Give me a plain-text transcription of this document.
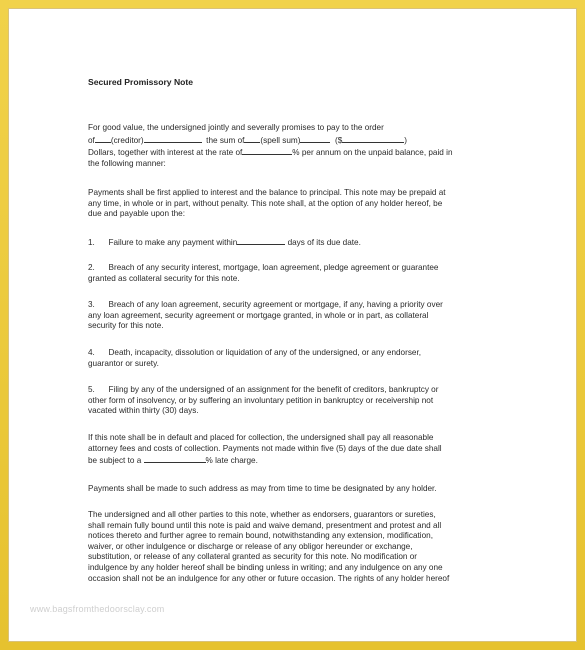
Secured Promissory Note

For good value, the undersigned jointly and severally promises to pay to the order
of (creditor)	the sum of (spell sum)	($	)
Dollars, together with interest at the rate of	% per annum on the unpaid balance, paid in
the following manner:

Payments shall be first applied to interest and the balance to principal. This note may be prepaid at
any time, in whole or in part, without penalty. This note shall, at the option of any holder hereof, be
due and payable upon the:

1. Failure to make any payment within	days of its due date.

2. Breach of any security interest, mortgage, loan agreement, pledge agreement or guarantee
granted as collateral security for this note.

3. Breach of any loan agreement, security agreement or mortgage, if any, having a priority over
any loan agreement, security agreement or mortgage granted, in whole or in part, as collateral
security for this note.

4. Death, incapacity, dissolution or liquidation of any of the undersigned, or any endorser,
guarantor or surety.

5. Filing by any of the undersigned of an assignment for the benefit of creditors, bankruptcy or
other form of insolvency, or by suffering an involuntary petition in bankruptcy or receivership not
vacated within thirty (30) days.

If this note shall be in default and placed for collection, the undersigned shall pay all reasonable
attorney fees and costs of collection. Payments not made within five (5) days of the due date shall
be subject to a	% late charge.

Payments shall be made to such address as may from time to time be designated by any holder.

The undersigned and all other parties to this note, whether as endorsers, guarantors or sureties,
shall remain fully bound until this note is paid and waive demand, presentment and protest and all
notices thereto and further agree to remain bound, notwithstanding any extension, modification,
waiver, or other indulgence or discharge or release of any obligor hereunder or exchange,
substitution, or release of any collateral granted as security for this note. No modification or
indulgence by any holder hereof shall be binding unless in writing; and any indulgence on any one
occasion shall not be an indulgence for any other or future occasion. The rights of any holder hereof

www.bagsfromthedoorsclay.com
